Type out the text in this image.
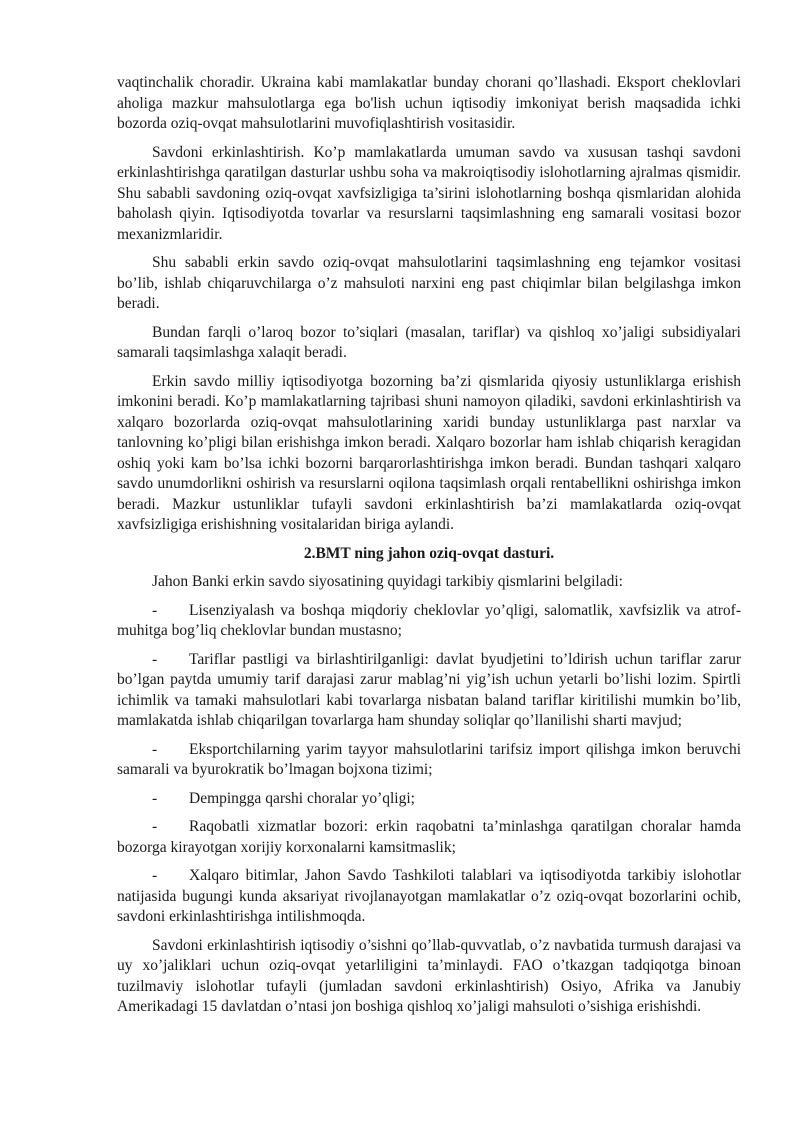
vaqtinchalik choradir. Ukraina kabi mamlakatlar bunday chorani qo’llashadi. Eksport cheklovlari aholiga mazkur mahsulotlarga ega bo'lish uchun iqtisodiy imkoniyat berish maqsadida ichki bozorda oziq-ovqat mahsulotlarini muvofiqlashtirish vositasidir.

Savdoni erkinlashtirish. Ko’p mamlakatlarda umuman savdo va xususan tashqi savdoni erkinlashtirishga qaratilgan dasturlar ushbu soha va makroiqtisodiy islohotlarning ajralmas qismidir. Shu sababli savdoning oziq-ovqat xavfsizligiga ta’sirini islohotlarning boshqa qismlaridan alohida baholash qiyin. Iqtisodiyotda tovarlar va resurslarni taqsimlashning eng samarali vositasi bozor mexanizmlaridir.

Shu sababli erkin savdo oziq-ovqat mahsulotlarini taqsimlashning eng tejamkor vositasi bo’lib, ishlab chiqaruvchilarga o’z mahsuloti narxini eng past chiqimlar bilan belgilashga imkon beradi.

Bundan farqli o’laroq bozor to’siqlari (masalan, tariflar) va qishloq xo’jaligi subsidiyalari samarali taqsimlashga xalaqit beradi.

Erkin savdo milliy iqtisodiyotga bozorning ba’zi qismlarida qiyosiy ustunliklarga erishish imkonini beradi. Ko’p mamlakatlarning tajribasi shuni namoyon qiladiki, savdoni erkinlashtirish va xalqaro bozorlarda oziq-ovqat mahsulotlarining xaridi bunday ustunliklarga past narxlar va tanlovning ko’pligi bilan erishishga imkon beradi. Xalqaro bozorlar ham ishlab chiqarish keragidan oshiq yoki kam bo’lsa ichki bozorni barqarorlashtirishga imkon beradi. Bundan tashqari xalqaro savdo unumdorlikni oshirish va resurslarni oqilona taqsimlash orqali rentabellikni oshirishga imkon beradi. Mazkur ustunliklar tufayli savdoni erkinlashtirish ba’zi mamlakatlarda oziq-ovqat xavfsizligiga erishishning vositalaridan biriga aylandi.

2.BMT ning jahon oziq-ovqat dasturi.

Jahon Banki erkin savdo siyosatining quyidagi tarkibiy qismlarini belgiladi:

- Lisenziyalash va boshqa miqdoriy cheklovlar yo’qligi, salomatlik, xavfsizlik va atrof-muhitga bog’liq cheklovlar bundan mustasno;

- Tariflar pastligi va birlashtirilganligi: davlat byudjetini to’ldirish uchun tariflar zarur bo’lgan paytda umumiy tarif darajasi zarur mablag’ni yig’ish uchun yetarli bo’lishi lozim. Spirtli ichimlik va tamaki mahsulotlari kabi tovarlarga nisbatan baland tariflar kiritilishi mumkin bo’lib, mamlakatda ishlab chiqarilgan tovarlarga ham shunday soliqlar qo’llanilishi sharti mavjud;

- Eksportchilarning yarim tayyor mahsulotlarini tarifsiz import qilishga imkon beruvchi samarali va byurokratik bo’lmagan bojxona tizimi;

- Dempingga qarshi choralar yo’qligi;

- Raqobatli xizmatlar bozori: erkin raqobatni ta’minlashga qaratilgan choralar hamda bozorga kirayotgan xorijiy korxonalarni kamsitmaslik;

- Xalqaro bitimlar, Jahon Savdo Tashkiloti talablari va iqtisodiyotda tarkibiy islohotlar natijasida bugungi kunda aksariyat rivojlanayotgan mamlakatlar o’z oziq-ovqat bozorlarini ochib, savdoni erkinlashtirishga intilishmoqda.

Savdoni erkinlashtirish iqtisodiy o’sishni qo’llab-quvvatlab, o’z navbatida turmush darajasi va uy xo’jaliklari uchun oziq-ovqat yetarliligini ta’minlaydi. FAO o’tkazgan tadqiqotga binoan tuzilmaviy islohotlar tufayli (jumladan savdoni erkinlashtirish) Osiyo, Afrika va Janubiy Amerikadagi 15 davlatdan o’ntasi jon boshiga qishloq xo’jaligi mahsuloti o’sishiga erishishdi.
